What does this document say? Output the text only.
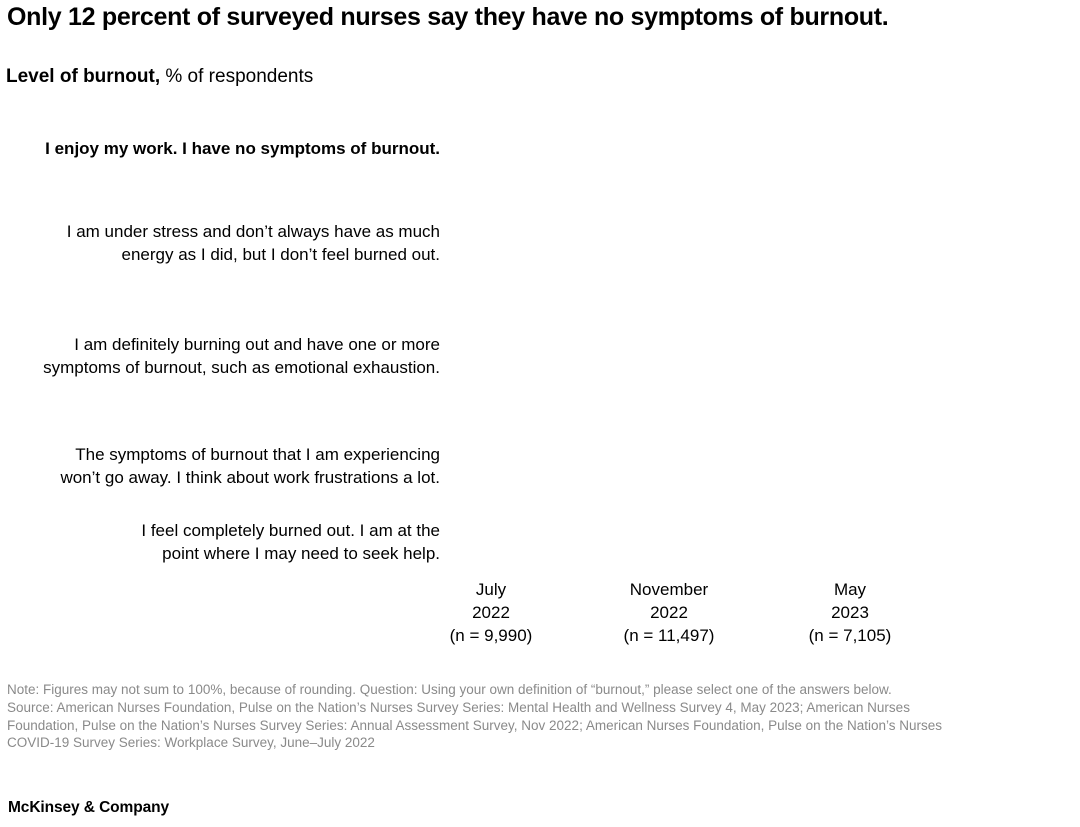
Only 12 percent of surveyed nurses say they have no symptoms of burnout.
Level of burnout, % of respondents
I enjoy my work. I have no symptoms of burnout.
I am under stress and don’t always have as much
energy as I did, but I don’t feel burned out.
I am definitely burning out and have one or more
symptoms of burnout, such as emotional exhaustion.
The symptoms of burnout that I am experiencing
won’t go away. I think about work frustrations a lot.
I feel completely burned out. I am at the
point where I may need to seek help.
July
2022
(n = 9,990)
November
2022
(n = 11,497)
May
2023
(n = 7,105)
Note: Figures may not sum to 100%, because of rounding. Question: Using your own definition of “burnout,” please select one of the answers below.
Source: American Nurses Foundation, Pulse on the Nation’s Nurses Survey Series: Mental Health and Wellness Survey 4, May 2023; American Nurses
Foundation, Pulse on the Nation’s Nurses Survey Series: Annual Assessment Survey, Nov 2022; American Nurses Foundation, Pulse on the Nation’s Nurses
COVID-19 Survey Series: Workplace Survey, June–July 2022
McKinsey & Company
